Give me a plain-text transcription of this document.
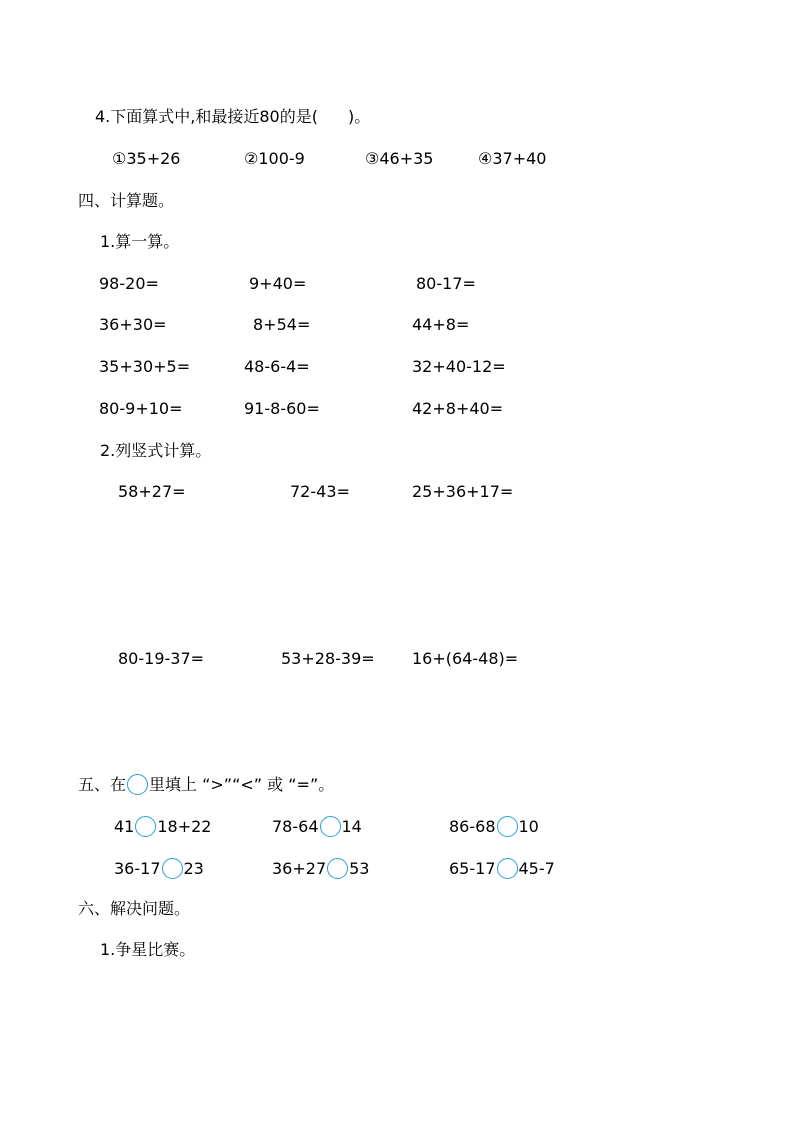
4.下面算式中,和最接近80的是( )。
①35+26	②100-9	③46+35	④37+40
四、计算题。
1.算一算。
98-20=	9+40=	80-17=
36+30=	8+54=	44+8=
35+30+5=	48-6-4=	32+40-12=
80-9+10=	91-8-60=	42+8+40=
2.列竖式计算。
58+27=	72-43=	25+36+17=
80-19-37=	53+28-39= 16+(64-48)=
五、在 里填上 “>”“<” 或 “=”。
41 18+22	78-64 14	86-68 10
36-17 23	36+27 53	65-17 45-7
六、解决问题。
1.争星比赛。
